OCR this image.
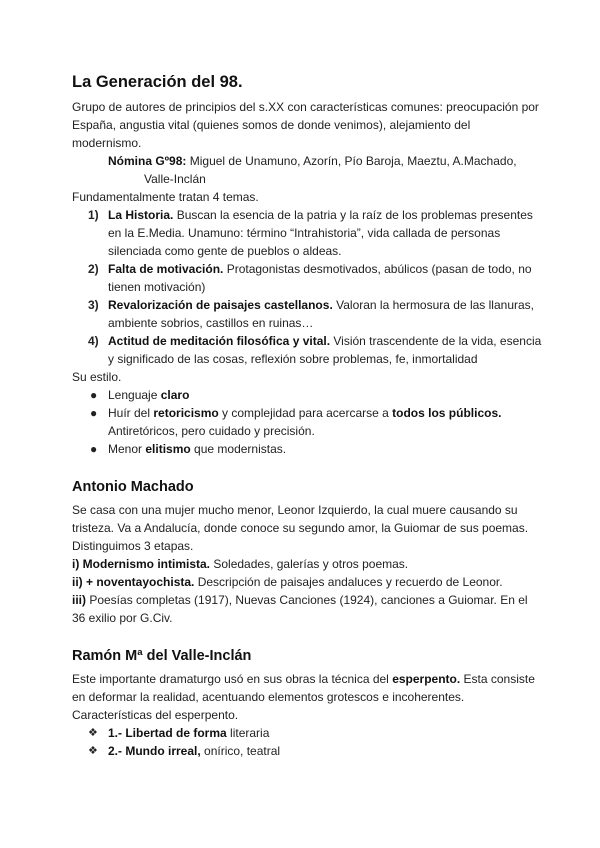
La Generación del 98.

Grupo de autores de principios del s.XX con características comunes: preocupación por España, angustia vital (quienes somos de donde venimos), alejamiento del modernismo.

Nómina Gº98: Miguel de Unamuno, Azorín, Pío Baroja, Maeztu, A.Machado,
Valle-Inclán

Fundamentalmente tratan 4 temas.

1) La Historia. Buscan la esencia de la patria y la raíz de los problemas presentes en la E.Media. Unamuno: término “Intrahistoria”, vida callada de personas silenciada como gente de pueblos o aldeas.
2) Falta de motivación. Protagonistas desmotivados, abúlicos (pasan de todo, no tienen motivación)
3) Revalorización de paisajes castellanos. Valoran la hermosura de las llanuras, ambiente sobrios, castillos en ruinas…
4) Actitud de meditación filosófica y vital. Visión trascendente de la vida, esencia y significado de las cosas, reflexión sobre problemas, fe, inmortalidad

Su estilo.

● Lenguaje claro
● Huír del retoricismo y complejidad para acercarse a todos los públicos. Antiretóricos, pero cuidado y precisión.
● Menor elitismo que modernistas.
Antonio Machado

Se casa con una mujer mucho menor, Leonor Izquierdo, la cual muere causando su tristeza. Va a Andalucía, donde conoce su segundo amor, la Guiomar de sus poemas. Distinguimos 3 etapas.

i) Modernismo intimista. Soledades, galerías y otros poemas.

ii) + noventayochista. Descripción de paisajes andaluces y recuerdo de Leonor.

iii) Poesías completas (1917), Nuevas Canciones (1924), canciones a Guiomar. En el 36 exilio por G.Civ.

Ramón Mª del Valle-Inclán

Este importante dramaturgo usó en sus obras la técnica del esperpento. Esta consiste en deformar la realidad, acentuando elementos grotescos e incoherentes.

Características del esperpento.

❖ 1.- Libertad de forma literaria
❖ 2.- Mundo irreal, onírico, teatral
